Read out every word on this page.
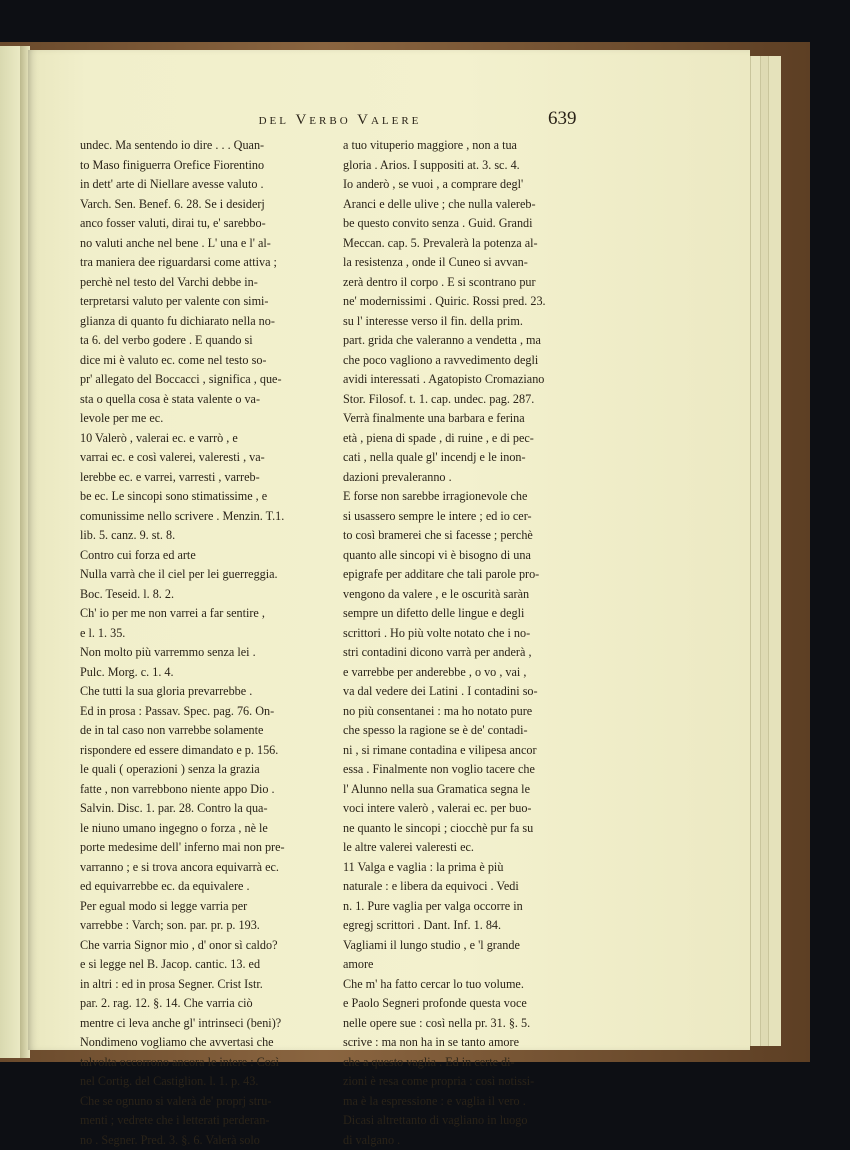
del Verbo Valere	639
undec. Ma sentendo io dire . . . Quan-
to Maso finiguerra Orefice Fiorentino
in dett' arte di Niellare avesse valuto .
Varch. Sen. Benef. 6. 28. Se i desiderj
anco fosser valuti, dirai tu, e' sarebbo-
no valuti anche nel bene . L' una e l' al-
tra maniera dee riguardarsi come attiva ;
perchè nel testo del Varchi debbe in-
terpretarsi valuto per valente con simi-
glianza di quanto fu dichiarato nella no-
ta 6. del verbo godere . E quando si
dice mi è valuto ec. come nel testo so-
pr' allegato del Boccacci , significa , que-
sta o quella cosa è stata valente o va-
levole per me ec.
10 Valerò , valerai ec. e varrò , e
varrai ec. e così valerei, valeresti , va-
lerebbe ec. e varrei, varresti , varreb-
be ec. Le sincopi sono stimatissime , e
comunissime nello scrivere . Menzin. T.1.
lib. 5. canz. 9. st. 8.
Contro cui forza ed arte
Nulla varrà che il ciel per lei guerreggia.
Boc. Teseid. l. 8. 2.
Ch' io per me non varrei a far sentire ,
e l. 1. 35.
Non molto più varremmo senza lei .
Pulc. Morg. c. 1. 4.
Che tutti la sua gloria prevarrebbe .
Ed in prosa : Passav. Spec. pag. 76. On-
de in tal caso non varrebbe solamente
rispondere ed essere dimandato e p. 156.
le quali ( operazioni ) senza la grazia
fatte , non varrebbono niente appo Dio .
Salvin. Disc. 1. par. 28. Contro la qua-
le niuno umano ingegno o forza , nè le
porte medesime dell' inferno mai non pre-
varranno ; e si trova ancora equivarrà ec.
ed equivarrebbe ec. da equivalere .
Per egual modo si legge varria per
varrebbe : Varch; son. par. pr. p. 193.
Che varria Signor mio , d' onor sì caldo?
e si legge nel B. Jacop. cantic. 13. ed
in altri : ed in prosa Segner. Crist Istr.
par. 2. rag. 12. §. 14. Che varria ciò
mentre ci leva anche gl' intrinseci (beni)?
Nondimeno vogliamo che avvertasi che
talvolta occorrono ancora le intere : Così
nel Cortig. del Castiglion. l. 1. p. 43.
Che se ognuno si valerà de' proprj stru-
menti ; vedrete che i letterati perderan-
no . Segner. Pred. 3. §. 6. Valerà solo
a tuo vituperio maggiore , non a tua
gloria . Arios. I suppositi at. 3. sc. 4.
Io anderò , se vuoi , a comprare degl'
Aranci e delle ulive ; che nulla valereb-
be questo convito senza . Guid. Grandi
Meccan. cap. 5. Prevalerà la potenza al-
la resistenza , onde il Cuneo si avvan-
zerà dentro il corpo . E si scontrano pur
ne' modernissimi . Quiric. Rossi pred. 23.
su l' interesse verso il fin. della prim.
part. grida che valeranno a vendetta , ma
che poco vagliono a ravvedimento degli
avidi interessati . Agatopisto Cromaziano
Stor. Filosof. t. 1. cap. undec. pag. 287.
Verrà finalmente una barbara e ferina
età , piena di spade , di ruine , e di pec-
cati , nella quale gl' incendj e le inon-
dazioni prevaleranno .
E forse non sarebbe irragionevole che
si usassero sempre le intere ; ed io cer-
to così bramerei che si facesse ; perchè
quanto alle sincopi vi è bisogno di una
epigrafe per additare che tali parole pro-
vengono da valere , e le oscurità saràn
sempre un difetto delle lingue e degli
scrittori . Ho più volte notato che i no-
stri contadini dicono varrà per anderà ,
e varrebbe per anderebbe , o vo , vai ,
va dal vedere dei Latini . I contadini so-
no più consentanei : ma ho notato pure
che spesso la ragione se è de' contadi-
ni , si rimane contadina e vilipesa ancor
essa . Finalmente non voglio tacere che
l' Alunno nella sua Gramatica segna le
voci intere valerò , valerai ec. per buo-
ne quanto le sincopi ; ciocchè pur fa su
le altre valerei valeresti ec.
11 Valga e vaglia : la prima è più
naturale : e libera da equivoci . Vedi
n. 1. Pure vaglia per valga occorre in
egregj scrittori . Dant. Inf. 1. 84.
Vagliami il lungo studio , e 'l grande
amore
Che m' ha fatto cercar lo tuo volume.
e Paolo Segneri profonde questa voce
nelle opere sue : così nella pr. 31. §. 5.
scrive : ma non ha in se tanto amore
che a questo vaglia . Ed in certe di-
zioni è resa come propria : così notissi-
ma è la espressione : e vaglia il vero .
Dicasi altrettanto di vagliano in luogo
di valgano .
